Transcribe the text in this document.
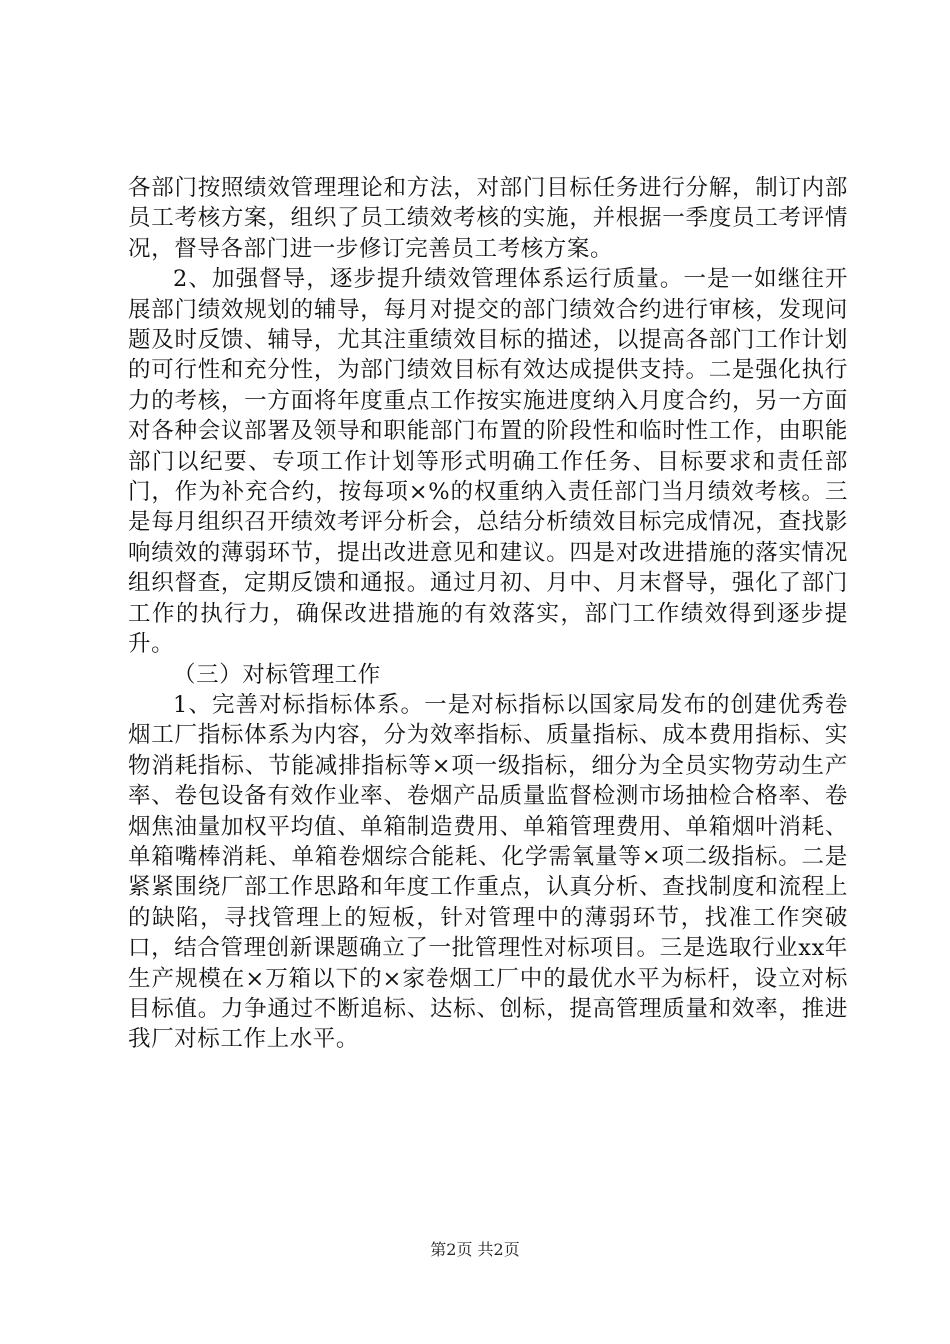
各部门按照绩效管理理论和方法，对部门目标任务进行分解，制订内部员工考核方案，组织了员工绩效考核的实施，并根据一季度员工考评情况，督导各部门进一步修订完善员工考核方案。

2、加强督导，逐步提升绩效管理体系运行质量。一是一如继往开展部门绩效规划的辅导，每月对提交的部门绩效合约进行审核，发现问题及时反馈、辅导，尤其注重绩效目标的描述，以提高各部门工作计划的可行性和充分性，为部门绩效目标有效达成提供支持。二是强化执行力的考核，一方面将年度重点工作按实施进度纳入月度合约，另一方面对各种会议部署及领导和职能部门布置的阶段性和临时性工作，由职能部门以纪要、专项工作计划等形式明确工作任务、目标要求和责任部门，作为补充合约，按每项×%的权重纳入责任部门当月绩效考核。三是每月组织召开绩效考评分析会，总结分析绩效目标完成情况，查找影响绩效的薄弱环节，提出改进意见和建议。四是对改进措施的落实情况组织督查，定期反馈和通报。通过月初、月中、月末督导，强化了部门工作的执行力，确保改进措施的有效落实，部门工作绩效得到逐步提升。

（三）对标管理工作

1、完善对标指标体系。一是对标指标以国家局发布的创建优秀卷烟工厂指标体系为内容，分为效率指标、质量指标、成本费用指标、实物消耗指标、节能减排指标等×项一级指标，细分为全员实物劳动生产率、卷包设备有效作业率、卷烟产品质量监督检测市场抽检合格率、卷烟焦油量加权平均值、单箱制造费用、单箱管理费用、单箱烟叶消耗、单箱嘴棒消耗、单箱卷烟综合能耗、化学需氧量等×项二级指标。二是紧紧围绕厂部工作思路和年度工作重点，认真分析、查找制度和流程上的缺陷，寻找管理上的短板，针对管理中的薄弱环节，找准工作突破口，结合管理创新课题确立了一批管理性对标项目。三是选取行业xx年生产规模在×万箱以下的×家卷烟工厂中的最优水平为标杆，设立对标目标值。力争通过不断追标、达标、创标，提高管理质量和效率，推进我厂对标工作上水平。

第2页 共2页
